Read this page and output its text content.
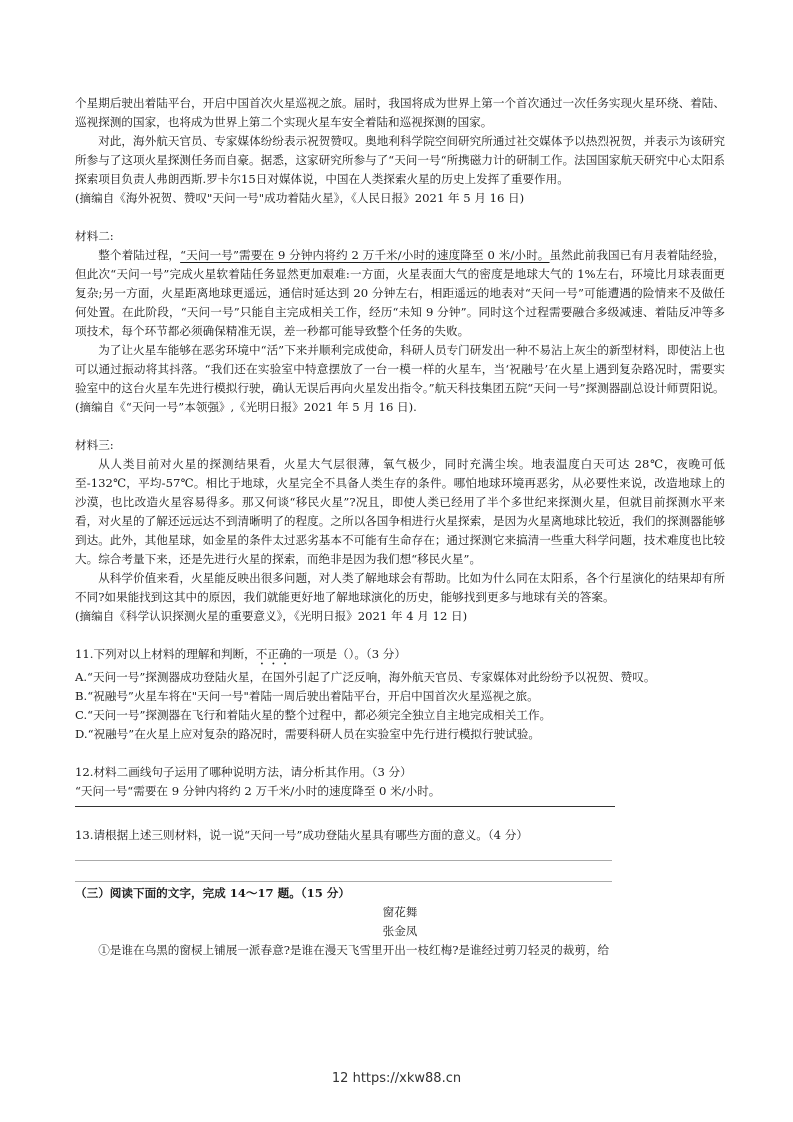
个星期后驶出着陆平台，开启中国首次火星巡视之旅。届时，我国将成为世界上第一个首次通过一次任务实现火星环绕、着陆、巡视探测的国家，也将成为世界上第二个实现火星车安全着陆和巡视探测的国家。

对此，海外航天官员、专家媒体纷纷表示祝贺赞叹。奥地利科学院空间研究所通过社交媒体予以热烈祝贺，并表示为该研究所参与了这项火星探测任务而自豪。据悉，这家研究所参与了“天问一号“所携磁力计的研制工作。法国国家航天研究中心太阳系探索项目负责人弗朗西斯.罗卡尔15日对媒体说，中国在人类探索火星的历史上发挥了重要作用。

(摘编自《海外祝贺、赞叹"天问一号"成功着陆火星》，《人民日报》2021 年 5 月 16 日)

材料二:

整个着陆过程，“天问一号”需要在 9 分钟内将约 2 万千米/小时的速度降至 0 米/小时。虽然此前我国已有月表着陆经验，但此次“天问一号”完成火星软着陆任务显然更加艰难:一方面，火星表面大气的密度是地球大气的 1%左右，环境比月球表面更复杂;另一方面，火星距离地球更遥远，通信时延达到 20 分钟左右，相距遥远的地表对“天问一号”可能遭遇的险情来不及做任何处置。在此阶段，“天问一号”只能自主完成相关工作，经历“未知 9 分钟”。同时这个过程需要融合多级减速、着陆反冲等多项技术，每个环节都必须确保精准无误，差一秒都可能导致整个任务的失败。

为了让火星车能够在恶劣环境中“活”下来并顺利完成使命，科研人员专门研发出一种不易沾上灰尘的新型材料，即使沾上也可以通过振动将其抖落。“我们还在实验室中特意摆放了一台一模一样的火星车，当‘祝融号’在火星上遇到复杂路况时，需要实验室中的这台火星车先进行模拟行驶，确认无误后再向火星发出指令。”航天科技集团五院“天问一号”探测器副总设计师贾阳说。

(摘编自《“天问一号”本领强》,《光明日报》2021 年 5 月 16 日).

材料三:

从人类目前对火星的探测结果看，火星大气层很薄，氧气极少，同时充满尘埃。地表温度白天可达 28℃，夜晚可低至-132℃，平均-57℃。相比于地球，火星完全不具备人类生存的条件。哪怕地球环境再恶劣，从必要性来说，改造地球上的沙漠，也比改造火星容易得多。那又何谈“移民火星”?况且，即使人类已经用了半个多世纪来探测火星，但就目前探测水平来看，对火星的了解还远远达不到清晰明了的程度。之所以各国争相进行火星探索，是因为火星离地球比较近，我们的探测器能够到达。此外，其他星球，如金星的条件太过恶劣基本不可能有生命存在；通过探测它来搞清一些重大科学问题，技术难度也比较大。综合考量下来，还是先进行火星的探索，而绝非是因为我们想“移民火星”。

从科学价值来看，火星能反映出很多问题，对人类了解地球会有帮助。比如为什么同在太阳系，各个行星演化的结果却有所不同?如果能找到这其中的原因，我们就能更好地了解地球演化的历史，能够找到更多与地球有关的答案。

(摘编自《科学认识探测火星的重要意义》，《光明日报》2021 年 4 月 12 日)

11.下列对以上材料的理解和判断，不正确的一项是（）。（3 分）

A.“天问一号”探测器成功登陆火星，在国外引起了广泛反响，海外航天官员、专家媒体对此纷纷予以祝贺、赞叹。

B.“祝融号”火星车将在"天问一号"着陆一周后驶出着陆平台，开启中国首次火星巡视之旅。

C.“天问一号”探测器在飞行和着陆火星的整个过程中，都必须完全独立自主地完成相关工作。

D.“祝融号”在火星上应对复杂的路况时，需要科研人员在实验室中先行进行模拟行驶试验。

12.材料二画线句子运用了哪种说明方法，请分析其作用。（3 分）

“天问一号“需要在 9 分钟内将约 2 万千米/小时的速度降至 0 米/小时。

13.请根据上述三则材料，说一说“天问一号”成功登陆火星具有哪些方面的意义。（4 分）

（三）阅读下面的文字，完成 14～17 题。（15 分）

窗花舞

张金凤

①是谁在乌黑的窗棂上铺展一派春意?是谁在漫天飞雪里开出一枝红梅?是谁经过剪刀轻灵的裁剪，给

12 https://xkw88.cn
